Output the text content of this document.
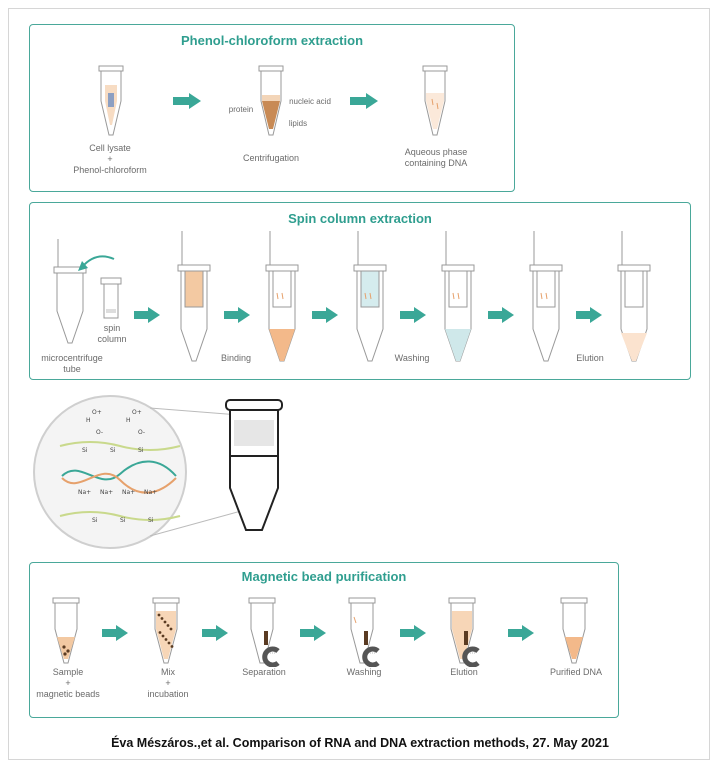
Phenol-chloroform extraction
Cell lysate
+
Phenol-chloroform
protein
nucleic acid
lipids
Centrifugation
Aqueous phase
containing DNA
Spin column extraction
microcentrifuge
tube
spin
column
Binding	Washing	Elution
H	H
O+	O+
O-	O-
Si	Si	Si
Na+ Na+ Na+ Na+
Si	Si	Si
Magnetic bead purification
Sample
+
magnetic beads
Mix
+
incubation
Separation	Washing	Elution	Purified DNA
Éva Mészáros.,et al. Comparison of RNA and DNA extraction methods, 27. May 2021
